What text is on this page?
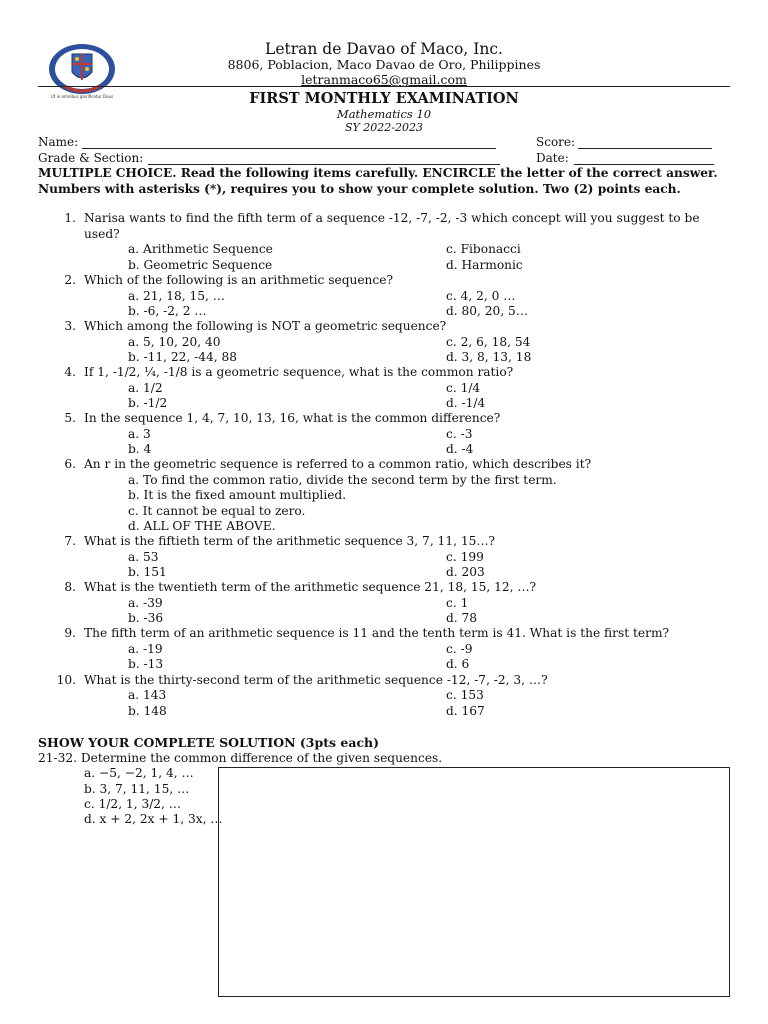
Ut in omnibus glorificetur Deus
Letran de Davao of Maco, Inc.
8806, Poblacion, Maco Davao de Oro, Philippines
letranmaco65@gmail.com
FIRST MONTHLY EXAMINATION
Mathematics 10
SY 2022-2023
Name:	Score:
Grade & Section:	Date:
MULTIPLE CHOICE. Read the following items carefully. ENCIRCLE the letter of the correct answer.
Numbers with asterisks (*), requires you to show your complete solution. Two (2) points each.
1. Narisa wants to find the fifth term of a sequence -12, -7, -2, -3 which concept will you suggest to be used?
a. Arithmetic Sequence	c. Fibonacci
b. Geometric Sequence	d. Harmonic
2. Which of the following is an arithmetic sequence?
a. 21, 18, 15, …	c. 4, 2, 0 …
b. -6, -2, 2 …	d. 80, 20, 5…
3. Which among the following is NOT a geometric sequence?
a. 5, 10, 20, 40	c. 2, 6, 18, 54
b. -11, 22, -44, 88	d. 3, 8, 13, 18
4. If 1, -1/2, ¼, -1/8 is a geometric sequence, what is the common ratio?
a. 1/2	c. 1/4
b. -1/2	d. -1/4
5. In the sequence 1, 4, 7, 10, 13, 16, what is the common difference?
a. 3	c. -3
b. 4	d. -4
6. An r in the geometric sequence is referred to a common ratio, which describes it?
a. To find the common ratio, divide the second term by the first term.
b. It is the fixed amount multiplied.
c. It cannot be equal to zero.
d. ALL OF THE ABOVE.
7. What is the fiftieth term of the arithmetic sequence 3, 7, 11, 15…?
a. 53	c. 199
b. 151	d. 203
8. What is the twentieth term of the arithmetic sequence 21, 18, 15, 12, …?
a. -39	c. 1
b. -36	d. 78
9. The fifth term of an arithmetic sequence is 11 and the tenth term is 41. What is the first term?
a. -19	c. -9
b. -13	d. 6
10. What is the thirty-second term of the arithmetic sequence -12, -7, -2, 3, …?
a. 143	c. 153
b. 148	d. 167
SHOW YOUR COMPLETE SOLUTION (3pts each)
21-32. Determine the common difference of the given sequences.
a. −5, −2, 1, 4, …
b. 3, 7, 11, 15, …
c. 1/2, 1, 3/2, …
d. x + 2, 2x + 1, 3x, …
